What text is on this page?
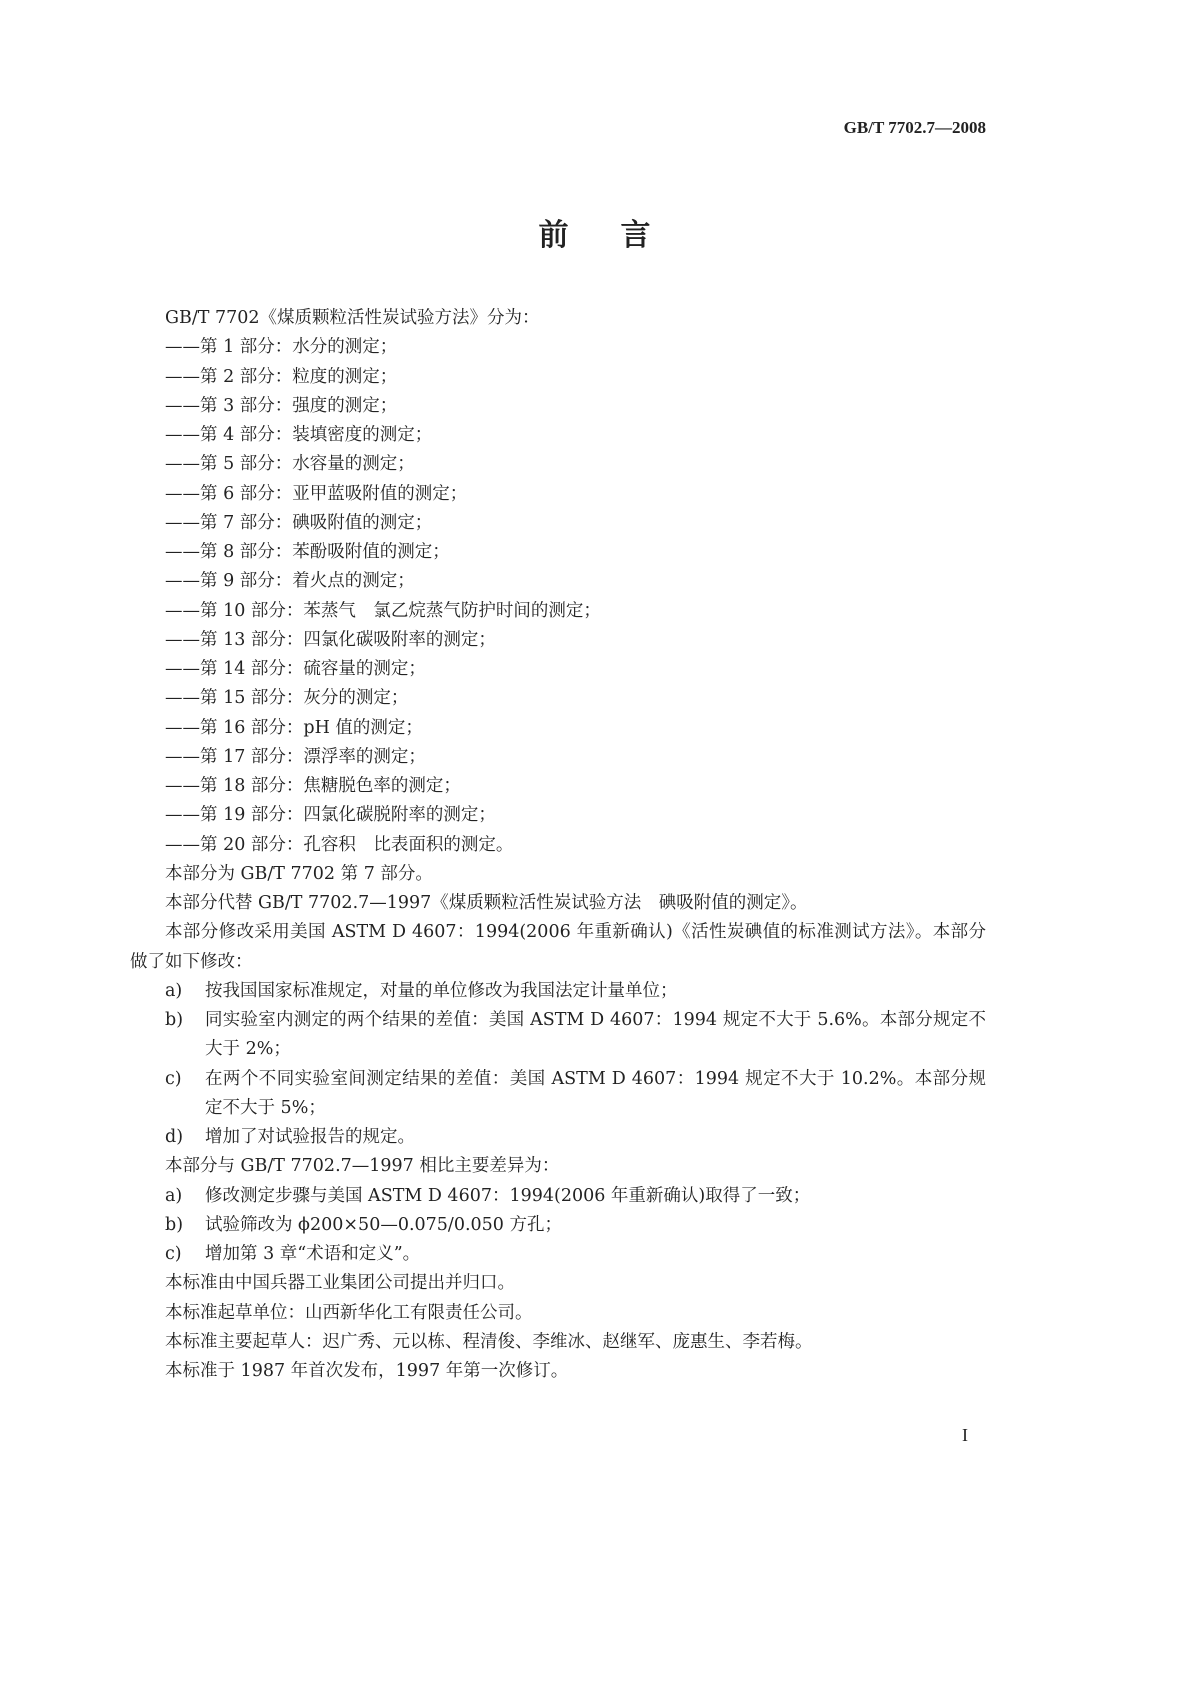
GB/T 7702.7—2008
前 言

GB/T 7702《煤质颗粒活性炭试验方法》分为：

——第 1 部分：水分的测定；

——第 2 部分：粒度的测定；

——第 3 部分：强度的测定；

——第 4 部分：装填密度的测定；

——第 5 部分：水容量的测定；

——第 6 部分：亚甲蓝吸附值的测定；

——第 7 部分：碘吸附值的测定；

——第 8 部分：苯酚吸附值的测定；

——第 9 部分：着火点的测定；

——第 10 部分：苯蒸气　氯乙烷蒸气防护时间的测定；

——第 13 部分：四氯化碳吸附率的测定；

——第 14 部分：硫容量的测定；

——第 15 部分：灰分的测定；

——第 16 部分：pH 值的测定；

——第 17 部分：漂浮率的测定；

——第 18 部分：焦糖脱色率的测定；

——第 19 部分：四氯化碳脱附率的测定；

——第 20 部分：孔容积　比表面积的测定。

本部分为 GB/T 7702 第 7 部分。

本部分代替 GB/T 7702.7—1997《煤质颗粒活性炭试验方法　碘吸附值的测定》。

本部分修改采用美国 ASTM D 4607：1994(2006 年重新确认)《活性炭碘值的标准测试方法》。本部分做了如下修改：

a) 按我国国家标准规定，对量的单位修改为我国法定计量单位；

b) 同实验室内测定的两个结果的差值：美国 ASTM D 4607：1994 规定不大于 5.6%。本部分规定不大于 2%；

c) 在两个不同实验室间测定结果的差值：美国 ASTM D 4607：1994 规定不大于 10.2%。本部分规定不大于 5%；

d) 增加了对试验报告的规定。

本部分与 GB/T 7702.7—1997 相比主要差异为：

a) 修改测定步骤与美国 ASTM D 4607：1994(2006 年重新确认)取得了一致；

b) 试验筛改为 ϕ200×50—0.075/0.050 方孔；

c) 增加第 3 章“术语和定义”。

本标准由中国兵器工业集团公司提出并归口。

本标准起草单位：山西新华化工有限责任公司。

本标准主要起草人：迟广秀、元以栋、程清俊、李维冰、赵继军、庞惠生、李若梅。

本标准于 1987 年首次发布，1997 年第一次修订。

I
